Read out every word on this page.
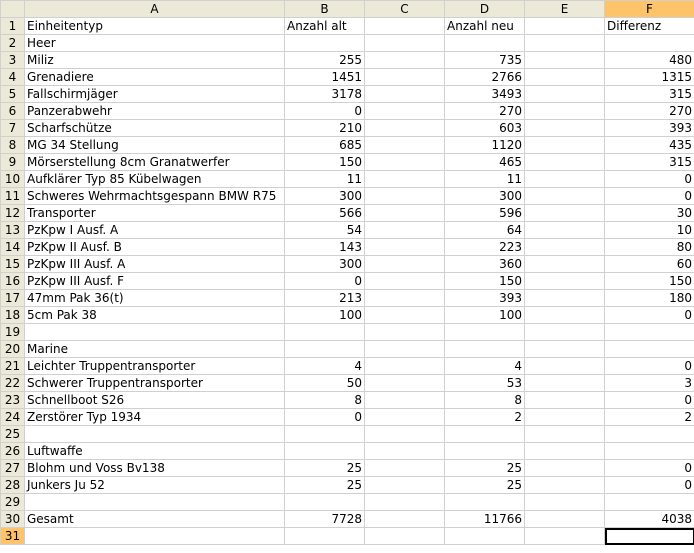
	A	B	C	D	E	F
1	Einheitentyp	Anzahl alt		Anzahl neu		Differenz
2	Heer					
3	Miliz	255		735		480
4	Grenadiere	1451		2766		1315
5	Fallschirmjäger	3178		3493		315
6	Panzerabwehr	0		270		270
7	Scharfschütze	210		603		393
8	MG 34 Stellung	685		1120		435
9	Mörserstellung 8cm Granatwerfer	150		465		315
10	Aufklärer Typ 85 Kübelwagen	11		11		0
11	Schweres Wehrmachtsgespann BMW R75	300		300		0
12	Transporter	566		596		30
13	PzKpw I Ausf. A	54		64		10
14	PzKpw II Ausf. B	143		223		80
15	PzKpw III Ausf. A	300		360		60
16	PzKpw III Ausf. F	0		150		150
17	47mm Pak 36(t)	213		393		180
18	5cm Pak 38	100		100		0
19						
20	Marine					
21	Leichter Truppentransporter	4		4		0
22	Schwerer Truppentransporter	50		53		3
23	Schnellboot S26	8		8		0
24	Zerstörer Typ 1934	0		2		2
25						
26	Luftwaffe					
27	Blohm und Voss Bv138	25		25		0
28	Junkers Ju 52	25		25		0
29						
30	Gesamt	7728		11766		4038
31						
